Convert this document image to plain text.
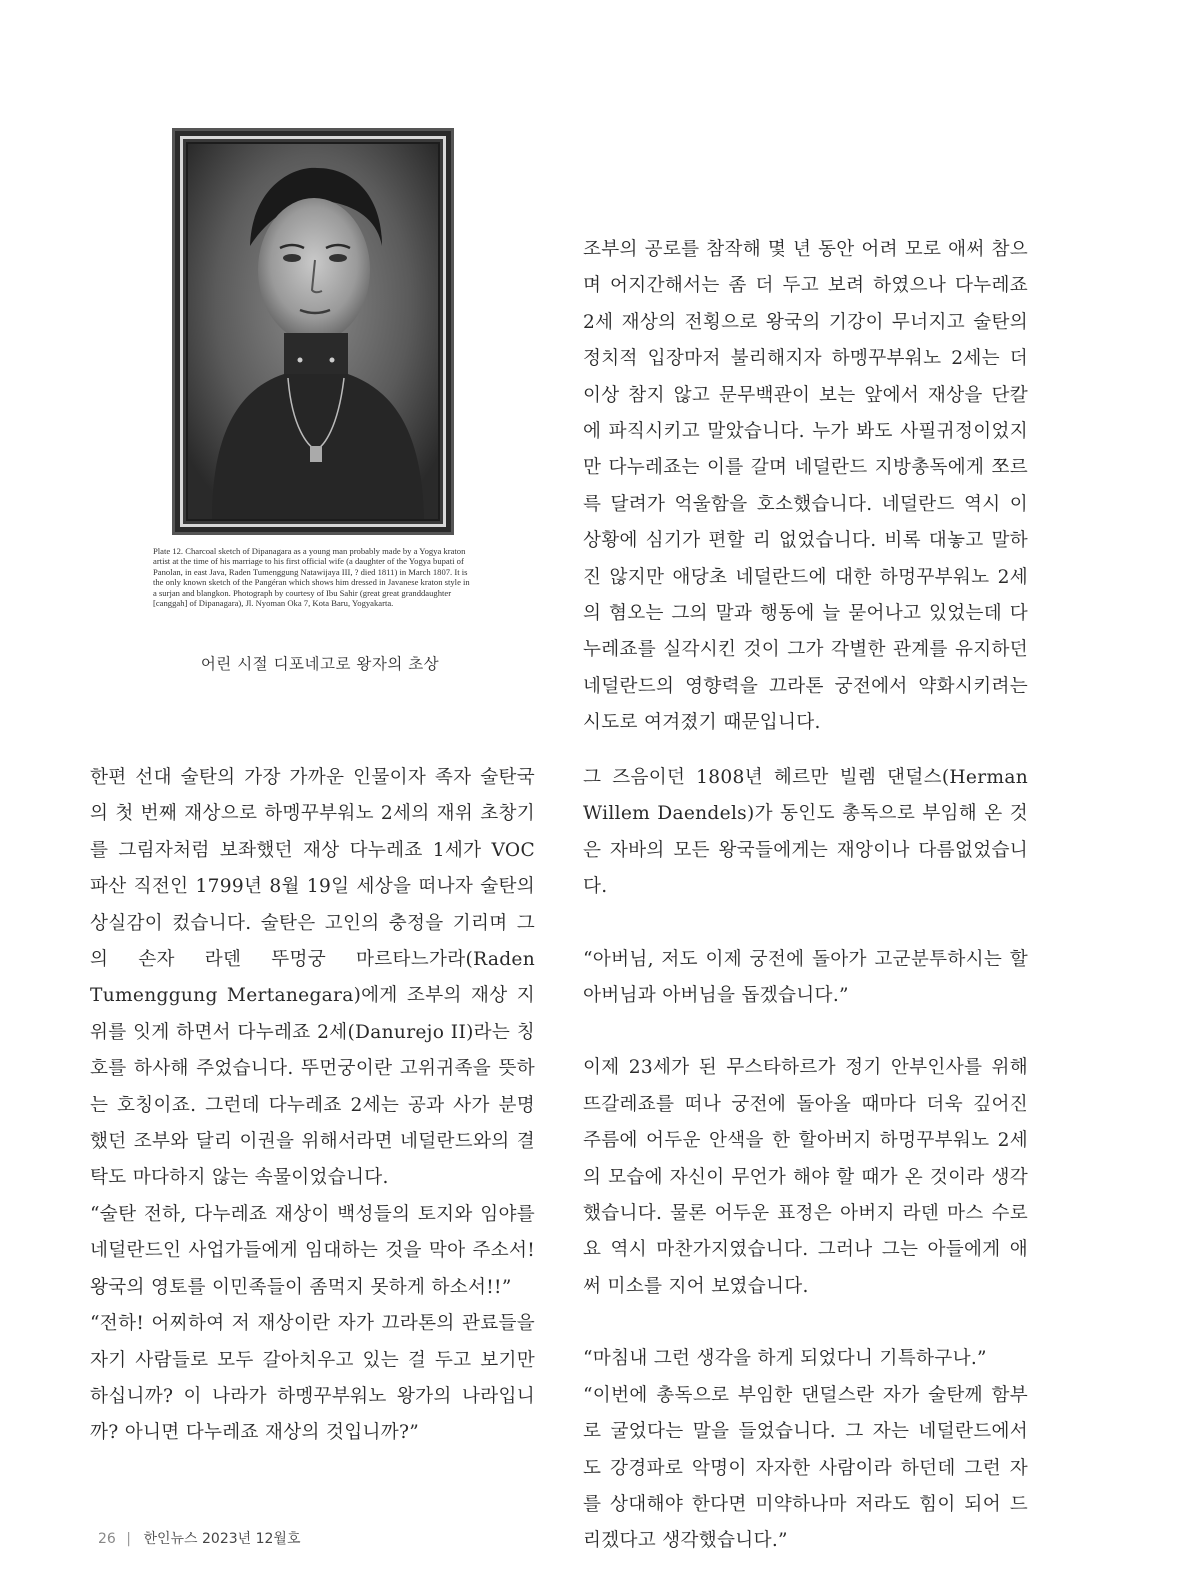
Plate 12. Charcoal sketch of Dipanagara as a young man probably made by a Yogya kraton artist at the time of his marriage to his first official wife (a daughter of the Yogya bupati of Panolan, in east Java, Raden Tumenggung Natawijaya III, ? died 1811) in March 1807. It is the only known sketch of the Pangéran which shows him dressed in Javanese kraton style in a surjan and blangkon. Photograph by courtesy of Ibu Sahir (great great granddaughter [canggah] of Dipanagara), Jl. Nyoman Oka 7, Kota Baru, Yogyakarta.
어린 시절 디포네고로 왕자의 초상

한편 선대 술탄의 가장 가까운 인물이자 족자 술탄국의 첫 번째 재상으로 하멩꾸부워노 2세의 재위 초창기를 그림자처럼 보좌했던 재상 다누레죠 1세가 VOC 파산 직전인 1799년 8월 19일 세상을 떠나자 술탄의 상실감이 컸습니다. 술탄은 고인의 충정을 기리며 그의 손자 라덴 뚜멍궁 마르타느가라(Raden Tumenggung Mertanegara)에게 조부의 재상 지위를 잇게 하면서 다누레죠 2세(Danurejo II)라는 칭호를 하사해 주었습니다. 뚜먼궁이란 고위귀족을 뜻하는 호칭이죠. 그런데 다누레죠 2세는 공과 사가 분명했던 조부와 달리 이권을 위해서라면 네덜란드와의 결탁도 마다하지 않는 속물이었습니다.

“술탄 전하, 다누레죠 재상이 백성들의 토지와 임야를 네덜란드인 사업가들에게 임대하는 것을 막아 주소서! 왕국의 영토를 이민족들이 좀먹지 못하게 하소서!!”

“전하! 어찌하여 저 재상이란 자가 끄라톤의 관료들을 자기 사람들로 모두 갈아치우고 있는 걸 두고 보기만 하십니까? 이 나라가 하멩꾸부워노 왕가의 나라입니까? 아니면 다누레죠 재상의 것입니까?”

조부의 공로를 참작해 몇 년 동안 어려 모로 애써 참으며 어지간해서는 좀 더 두고 보려 하였으나 다누레죠 2세 재상의 전횡으로 왕국의 기강이 무너지고 술탄의 정치적 입장마저 불리해지자 하멩꾸부워노 2세는 더 이상 참지 않고 문무백관이 보는 앞에서 재상을 단칼에 파직시키고 말았습니다. 누가 봐도 사필귀정이었지만 다누레죠는 이를 갈며 네덜란드 지방총독에게 쪼르륵 달려가 억울함을 호소했습니다. 네덜란드 역시 이 상황에 심기가 편할 리 없었습니다. 비록 대놓고 말하진 않지만 애당초 네덜란드에 대한 하멍꾸부워노 2세의 혐오는 그의 말과 행동에 늘 묻어나고 있었는데 다누레죠를 실각시킨 것이 그가 각별한 관계를 유지하던 네덜란드의 영향력을 끄라톤 궁전에서 약화시키려는 시도로 여겨졌기 때문입니다.

그 즈음이던 1808년 헤르만 빌렘 댄덜스(Herman Willem Daendels)가 동인도 총독으로 부임해 온 것은 자바의 모든 왕국들에게는 재앙이나 다름없었습니다.

“아버님, 저도 이제 궁전에 돌아가 고군분투하시는 할아버님과 아버님을 돕겠습니다.”

이제 23세가 된 무스타하르가 정기 안부인사를 위해 뜨갈레죠를 떠나 궁전에 돌아올 때마다 더욱 깊어진 주름에 어두운 안색을 한 할아버지 하멍꾸부워노 2세의 모습에 자신이 무언가 해야 할 때가 온 것이라 생각했습니다. 물론 어두운 표정은 아버지 라덴 마스 수로요 역시 마찬가지였습니다. 그러나 그는 아들에게 애써 미소를 지어 보였습니다.

“마침내 그런 생각을 하게 되었다니 기특하구나.”

“이번에 총독으로 부임한 댄덜스란 자가 술탄께 함부로 굴었다는 말을 들었습니다. 그 자는 네덜란드에서도 강경파로 악명이 자자한 사람이라 하던데 그런 자를 상대해야 한다면 미약하나마 저라도 힘이 되어 드리겠다고 생각했습니다.”

26 | 한인뉴스 2023년 12월호
